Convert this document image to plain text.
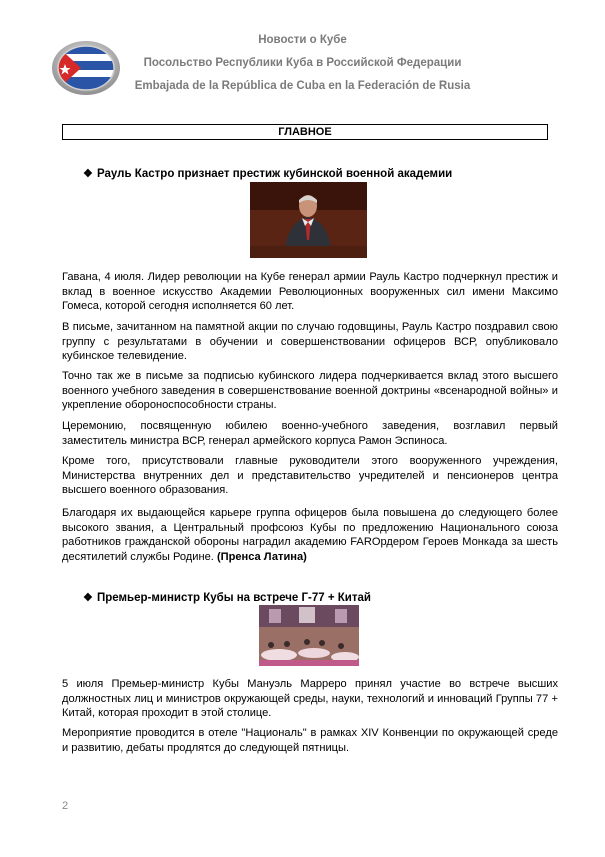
Новости о Кубе
Посольство Республики Куба в Российской Федерации
Embajada de la República de Cuba en la Federación de Rusia
ГЛАВНОЕ
❖ Рауль Кастро признает престиж кубинской военной академии
Гавана, 4 июля. Лидер революции на Кубе генерал армии Рауль Кастро подчеркнул престиж и вклад в военное искусство Академии Революционных вооруженных сил имени Максимо Гомеса, которой сегодня исполняется 60 лет.
В письме, зачитанном на памятной акции по случаю годовщины, Рауль Кастро поздравил свою группу с результатами в обучении и совершенствовании офицеров ВСР, опубликовало кубинское телевидение.
Точно так же в письме за подписью кубинского лидера подчеркивается вклад этого высшего военного учебного заведения в совершенствование военной доктрины «всенародной войны» и укрепление обороноспособности страны.
Церемонию, посвященную юбилею военно-учебного заведения, возглавил первый заместитель министра ВСР, генерал армейского корпуса Рамон Эспиноса.
Кроме того, присутствовали главные руководители этого вооруженного учреждения, Министерства внутренних дел и представительство учредителей и пенсионеров центра высшего военного образования.
Благодаря их выдающейся карьере группа офицеров была повышена до следующего более высокого звания, а Центральный профсоюз Кубы по предложению Национального союза работников гражданской обороны наградил академию FARОрдером Героев Монкада за шесть десятилетий службы Родине. (Пренса Латина)
❖ Премьер-министр Кубы на встрече Г-77 + Китай
5 июля Премьер-министр Кубы Мануэль Марреро принял участие во встрече высших должностных лиц и министров окружающей среды, науки, технологий и инноваций Группы 77 + Китай, которая проходит в этой столице.
Мероприятие проводится в отеле "Националь" в рамках XIV Конвенции по окружающей среде и развитию, дебаты продлятся до следующей пятницы.
2
